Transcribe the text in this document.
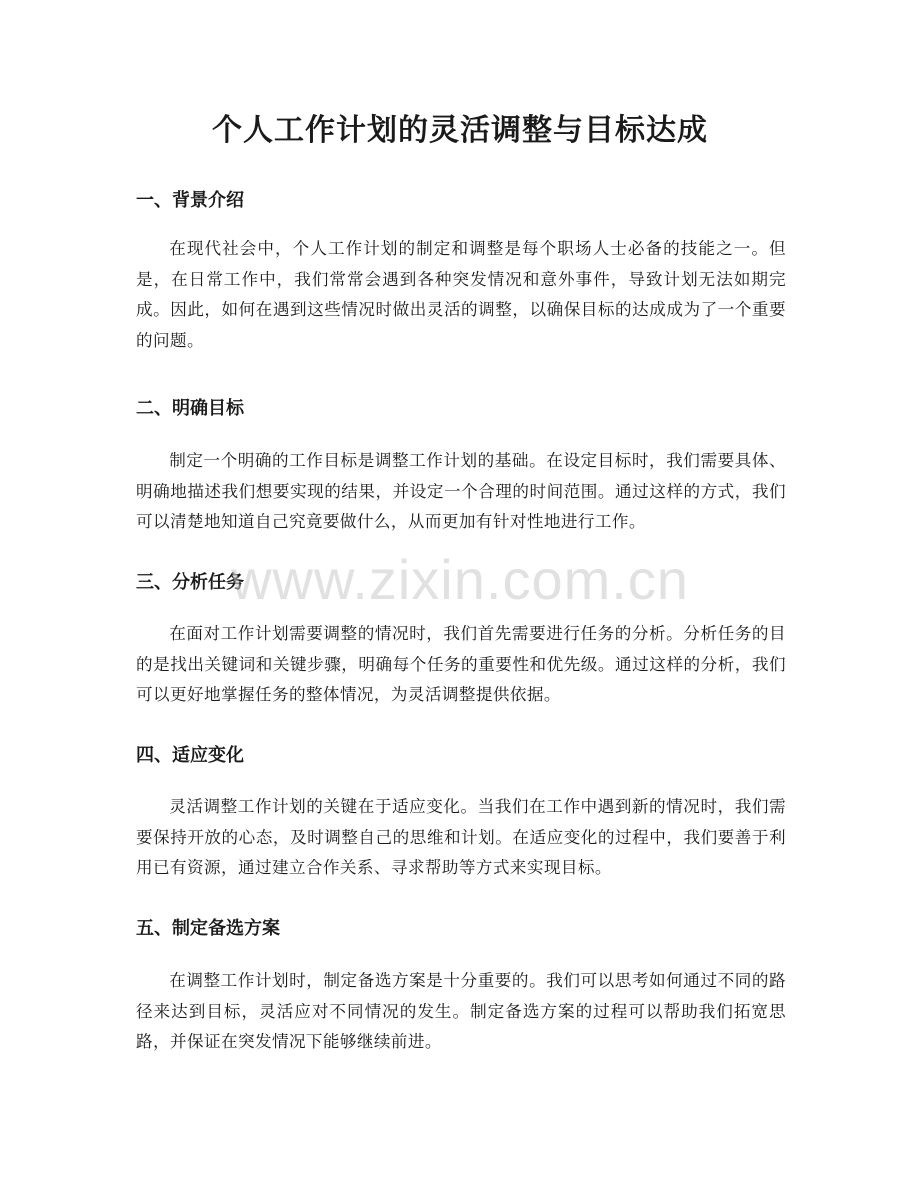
个人工作计划的灵活调整与目标达成
一、背景介绍

在现代社会中，个人工作计划的制定和调整是每个职场人士必备的技能之一。但是，在日常工作中，我们常常会遇到各种突发情况和意外事件，导致计划无法如期完成。因此，如何在遇到这些情况时做出灵活的调整，以确保目标的达成成为了一个重要的问题。

二、明确目标

制定一个明确的工作目标是调整工作计划的基础。在设定目标时，我们需要具体、明确地描述我们想要实现的结果，并设定一个合理的时间范围。通过这样的方式，我们可以清楚地知道自己究竟要做什么，从而更加有针对性地进行工作。

三、分析任务

在面对工作计划需要调整的情况时，我们首先需要进行任务的分析。分析任务的目的是找出关键词和关键步骤，明确每个任务的重要性和优先级。通过这样的分析，我们可以更好地掌握任务的整体情况，为灵活调整提供依据。

四、适应变化

灵活调整工作计划的关键在于适应变化。当我们在工作中遇到新的情况时，我们需要保持开放的心态，及时调整自己的思维和计划。在适应变化的过程中，我们要善于利用已有资源，通过建立合作关系、寻求帮助等方式来实现目标。

五、制定备选方案

在调整工作计划时，制定备选方案是十分重要的。我们可以思考如何通过不同的路径来达到目标，灵活应对不同情况的发生。制定备选方案的过程可以帮助我们拓宽思路，并保证在突发情况下能够继续前进。

www.zixin.com.cn
